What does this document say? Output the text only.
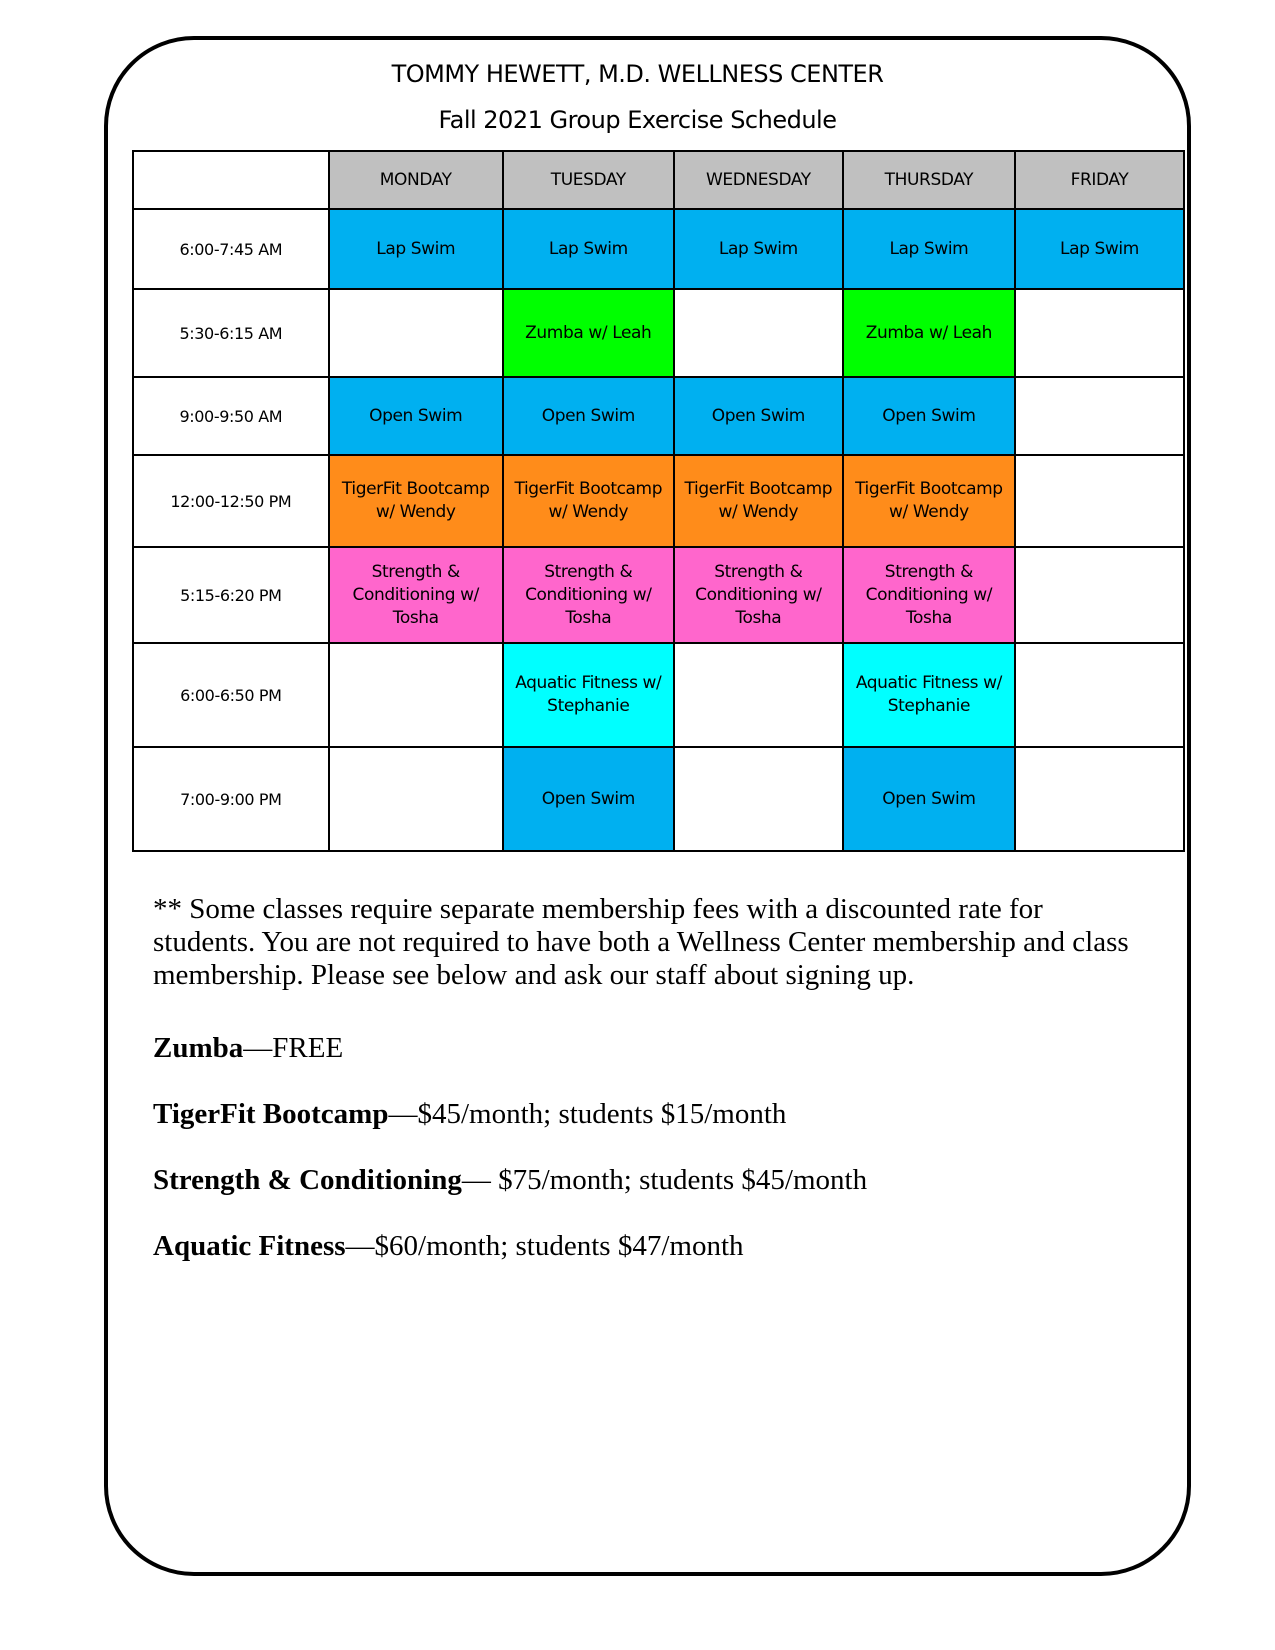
TOMMY HEWETT, M.D. WELLNESS CENTER
Fall 2021 Group Exercise Schedule
	MONDAY	TUESDAY	WEDNESDAY	THURSDAY	FRIDAY
6:00-7:45 AM	Lap Swim	Lap Swim	Lap Swim	Lap Swim	Lap Swim
5:30-6:15 AM		Zumba w/ Leah		Zumba w/ Leah	
9:00-9:50 AM	Open Swim	Open Swim	Open Swim	Open Swim	
12:00-12:50 PM	TigerFit Bootcamp w/ Wendy	TigerFit Bootcamp w/ Wendy	TigerFit Bootcamp w/ Wendy	TigerFit Bootcamp w/ Wendy	
5:15-6:20 PM	Strength & Conditioning w/ Tosha	Strength & Conditioning w/ Tosha	Strength & Conditioning w/ Tosha	Strength & Conditioning w/ Tosha	
6:00-6:50 PM		Aquatic Fitness w/ Stephanie		Aquatic Fitness w/ Stephanie	
7:00-9:00 PM		Open Swim		Open Swim	
** Some classes require separate membership fees with a discounted rate for students. You are not required to have both a Wellness Center membership and class membership. Please see below and ask our staff about signing up.
Zumba—FREE
TigerFit Bootcamp—$45/month; students $15/month
Strength & Conditioning— $75/month; students $45/month
Aquatic Fitness—$60/month; students $47/month
